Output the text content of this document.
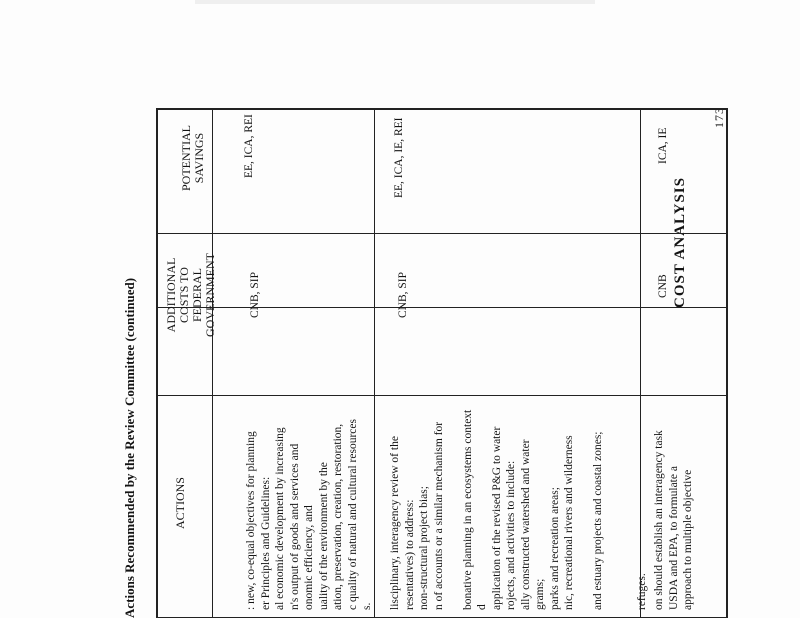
173
COST ANALYSIS
Actions Recommended by the Review Committee (continued)	ACTIONS
ADDITIONAL COSTS TO FEDERAL GOVERNMENT
POTENTIAL SAVINGS
: new, co-equal objectives for planning er Principles and Guidelines: al economic development by increasing n's output of goods and services and onomic efficiency, and uality of the environment by the ation, preservation, creation, restoration, c quality of natural and cultural resources s.
CNB, SIP
EE, ICA, REI
lisciplinary, interagency review of the resentatives) to address: non-structural project bias; n of accounts or a similar mechanism for
bonative planning in an ecosystems context d application of the revised P&G to water rojects, and activities to include: ally constructed watershed and water grams; parks and recreation areas; nic, recreational rivers and wilderness
and estuary projects and coastal zones;

	refuges.
CNB, SIP
EE, ICA, IE, REI
on should establish an interagency task USDA and EPA, to formulate a approach to multiple objective
CNB
ICA, IE
